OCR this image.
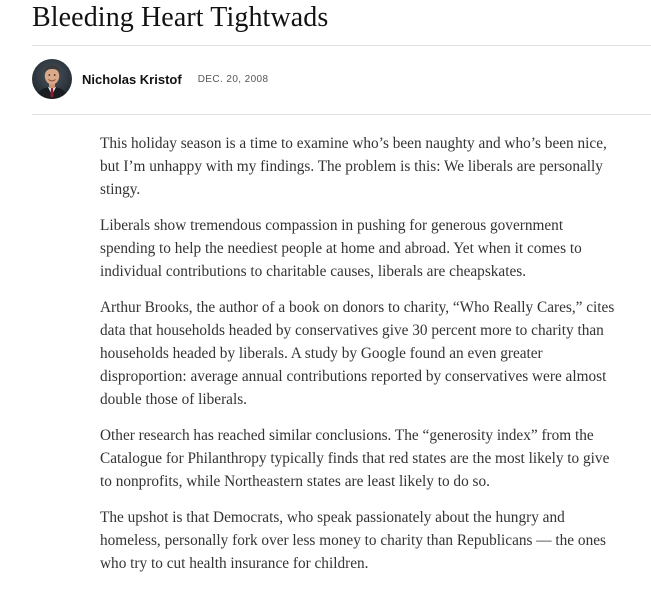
Bleeding Heart Tightwads
Nicholas Kristof DEC. 20, 2008

This holiday season is a time to examine who’s been naughty and who’s been nice, but I’m unhappy with my findings. The problem is this: We liberals are personally stingy.

Liberals show tremendous compassion in pushing for generous government spending to help the neediest people at home and abroad. Yet when it comes to individual contributions to charitable causes, liberals are cheapskates.

Arthur Brooks, the author of a book on donors to charity, “Who Really Cares,” cites data that households headed by conservatives give 30 percent more to charity than households headed by liberals. A study by Google found an even greater disproportion: average annual contributions reported by conservatives were almost double those of liberals.

Other research has reached similar conclusions. The “generosity index” from the Catalogue for Philanthropy typically finds that red states are the most likely to give to nonprofits, while Northeastern states are least likely to do so.

The upshot is that Democrats, who speak passionately about the hungry and homeless, personally fork over less money to charity than Republicans — the ones who try to cut health insurance for children.
